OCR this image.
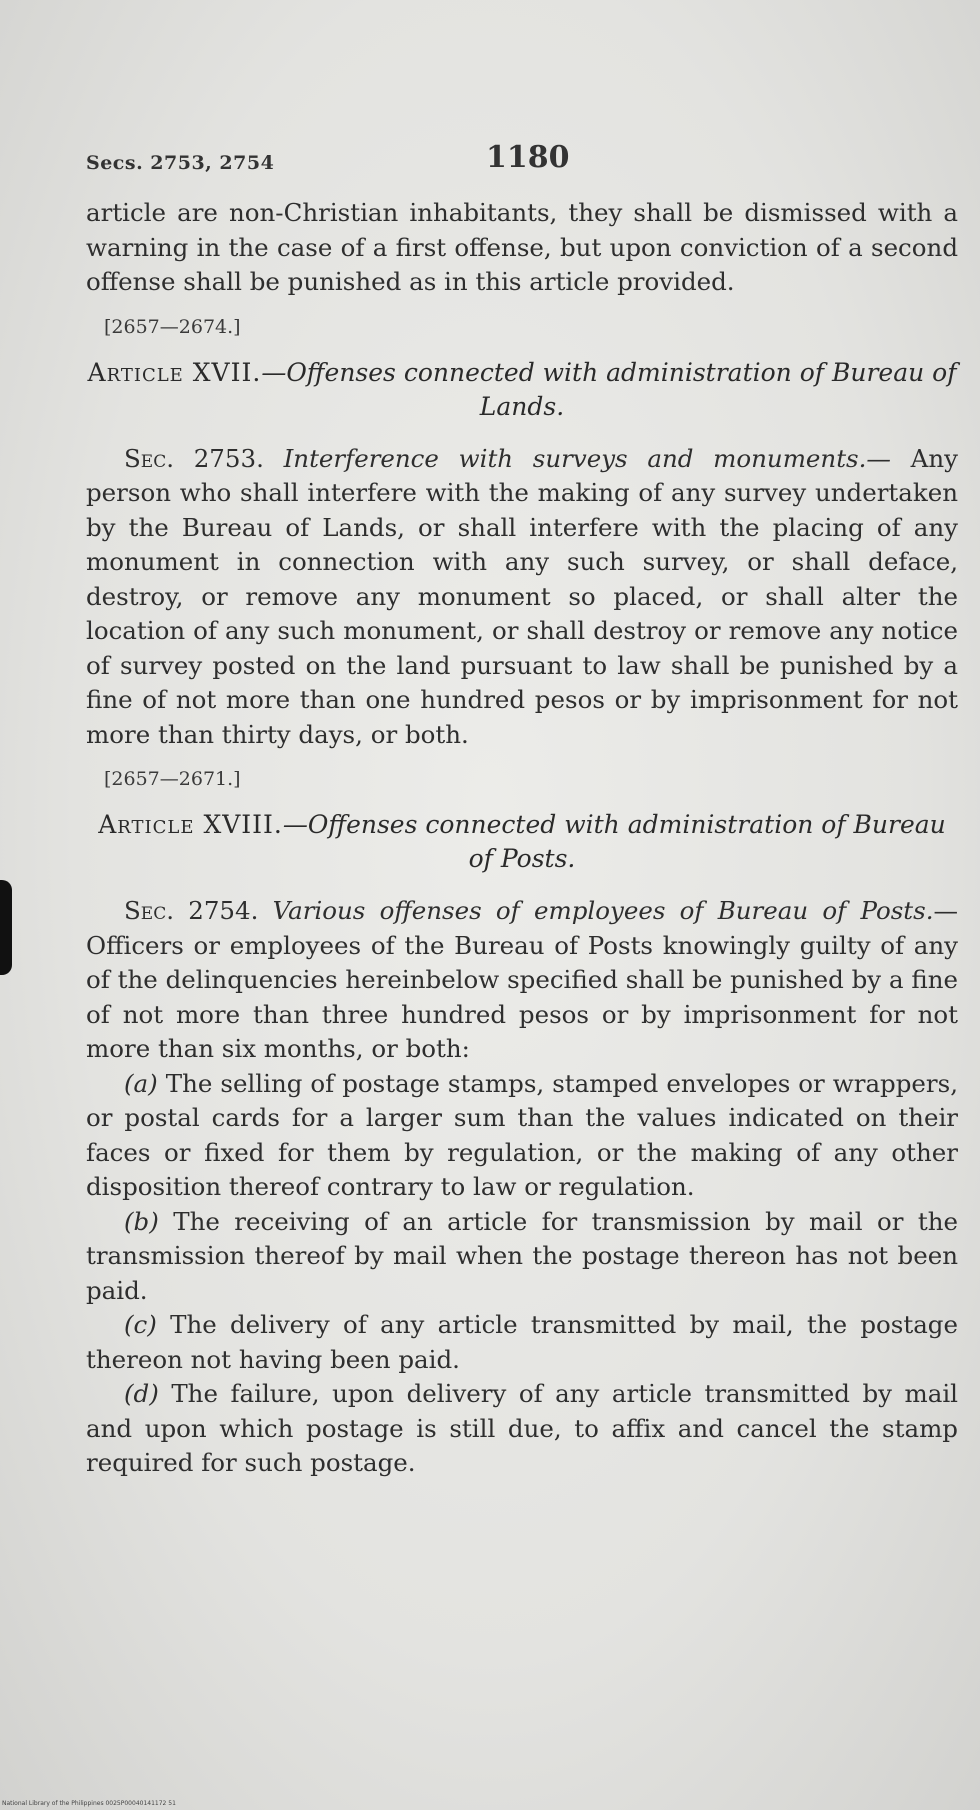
Secs. 2753, 2754	1180

article are non-Christian inhabitants, they shall be dismissed with a warning in the case of a first offense, but upon conviction of a second offense shall be punished as in this article provided.

[2657—2674.]
Article XVII.—Offenses connected with administration of Bureau of Lands.

Sec. 2753. Interference with surveys and monuments.— Any person who shall interfere with the making of any survey undertaken by the Bureau of Lands, or shall interfere with the placing of any monument in connection with any such survey, or shall deface, destroy, or remove any monument so placed, or shall alter the location of any such monument, or shall destroy or remove any notice of survey posted on the land pursuant to law shall be punished by a fine of not more than one hundred pesos or by imprisonment for not more than thirty days, or both.

[2657—2671.]
Article XVIII.—Offenses connected with administration of Bureau of Posts.

Sec. 2754. Various offenses of employees of Bureau of Posts.—Officers or employees of the Bureau of Posts knowingly guilty of any of the delinquencies hereinbelow specified shall be punished by a fine of not more than three hundred pesos or by imprisonment for not more than six months, or both:

(a) The selling of postage stamps, stamped envelopes or wrappers, or postal cards for a larger sum than the values indicated on their faces or fixed for them by regulation, or the making of any other disposition thereof contrary to law or regulation.

(b) The receiving of an article for transmission by mail or the transmission thereof by mail when the postage thereon has not been paid.

(c) The delivery of any article transmitted by mail, the postage thereon not having been paid.

(d) The failure, upon delivery of any article transmitted by mail and upon which postage is still due, to affix and cancel the stamp required for such postage.

National Library of the Philippines 0025P00040141172 51
